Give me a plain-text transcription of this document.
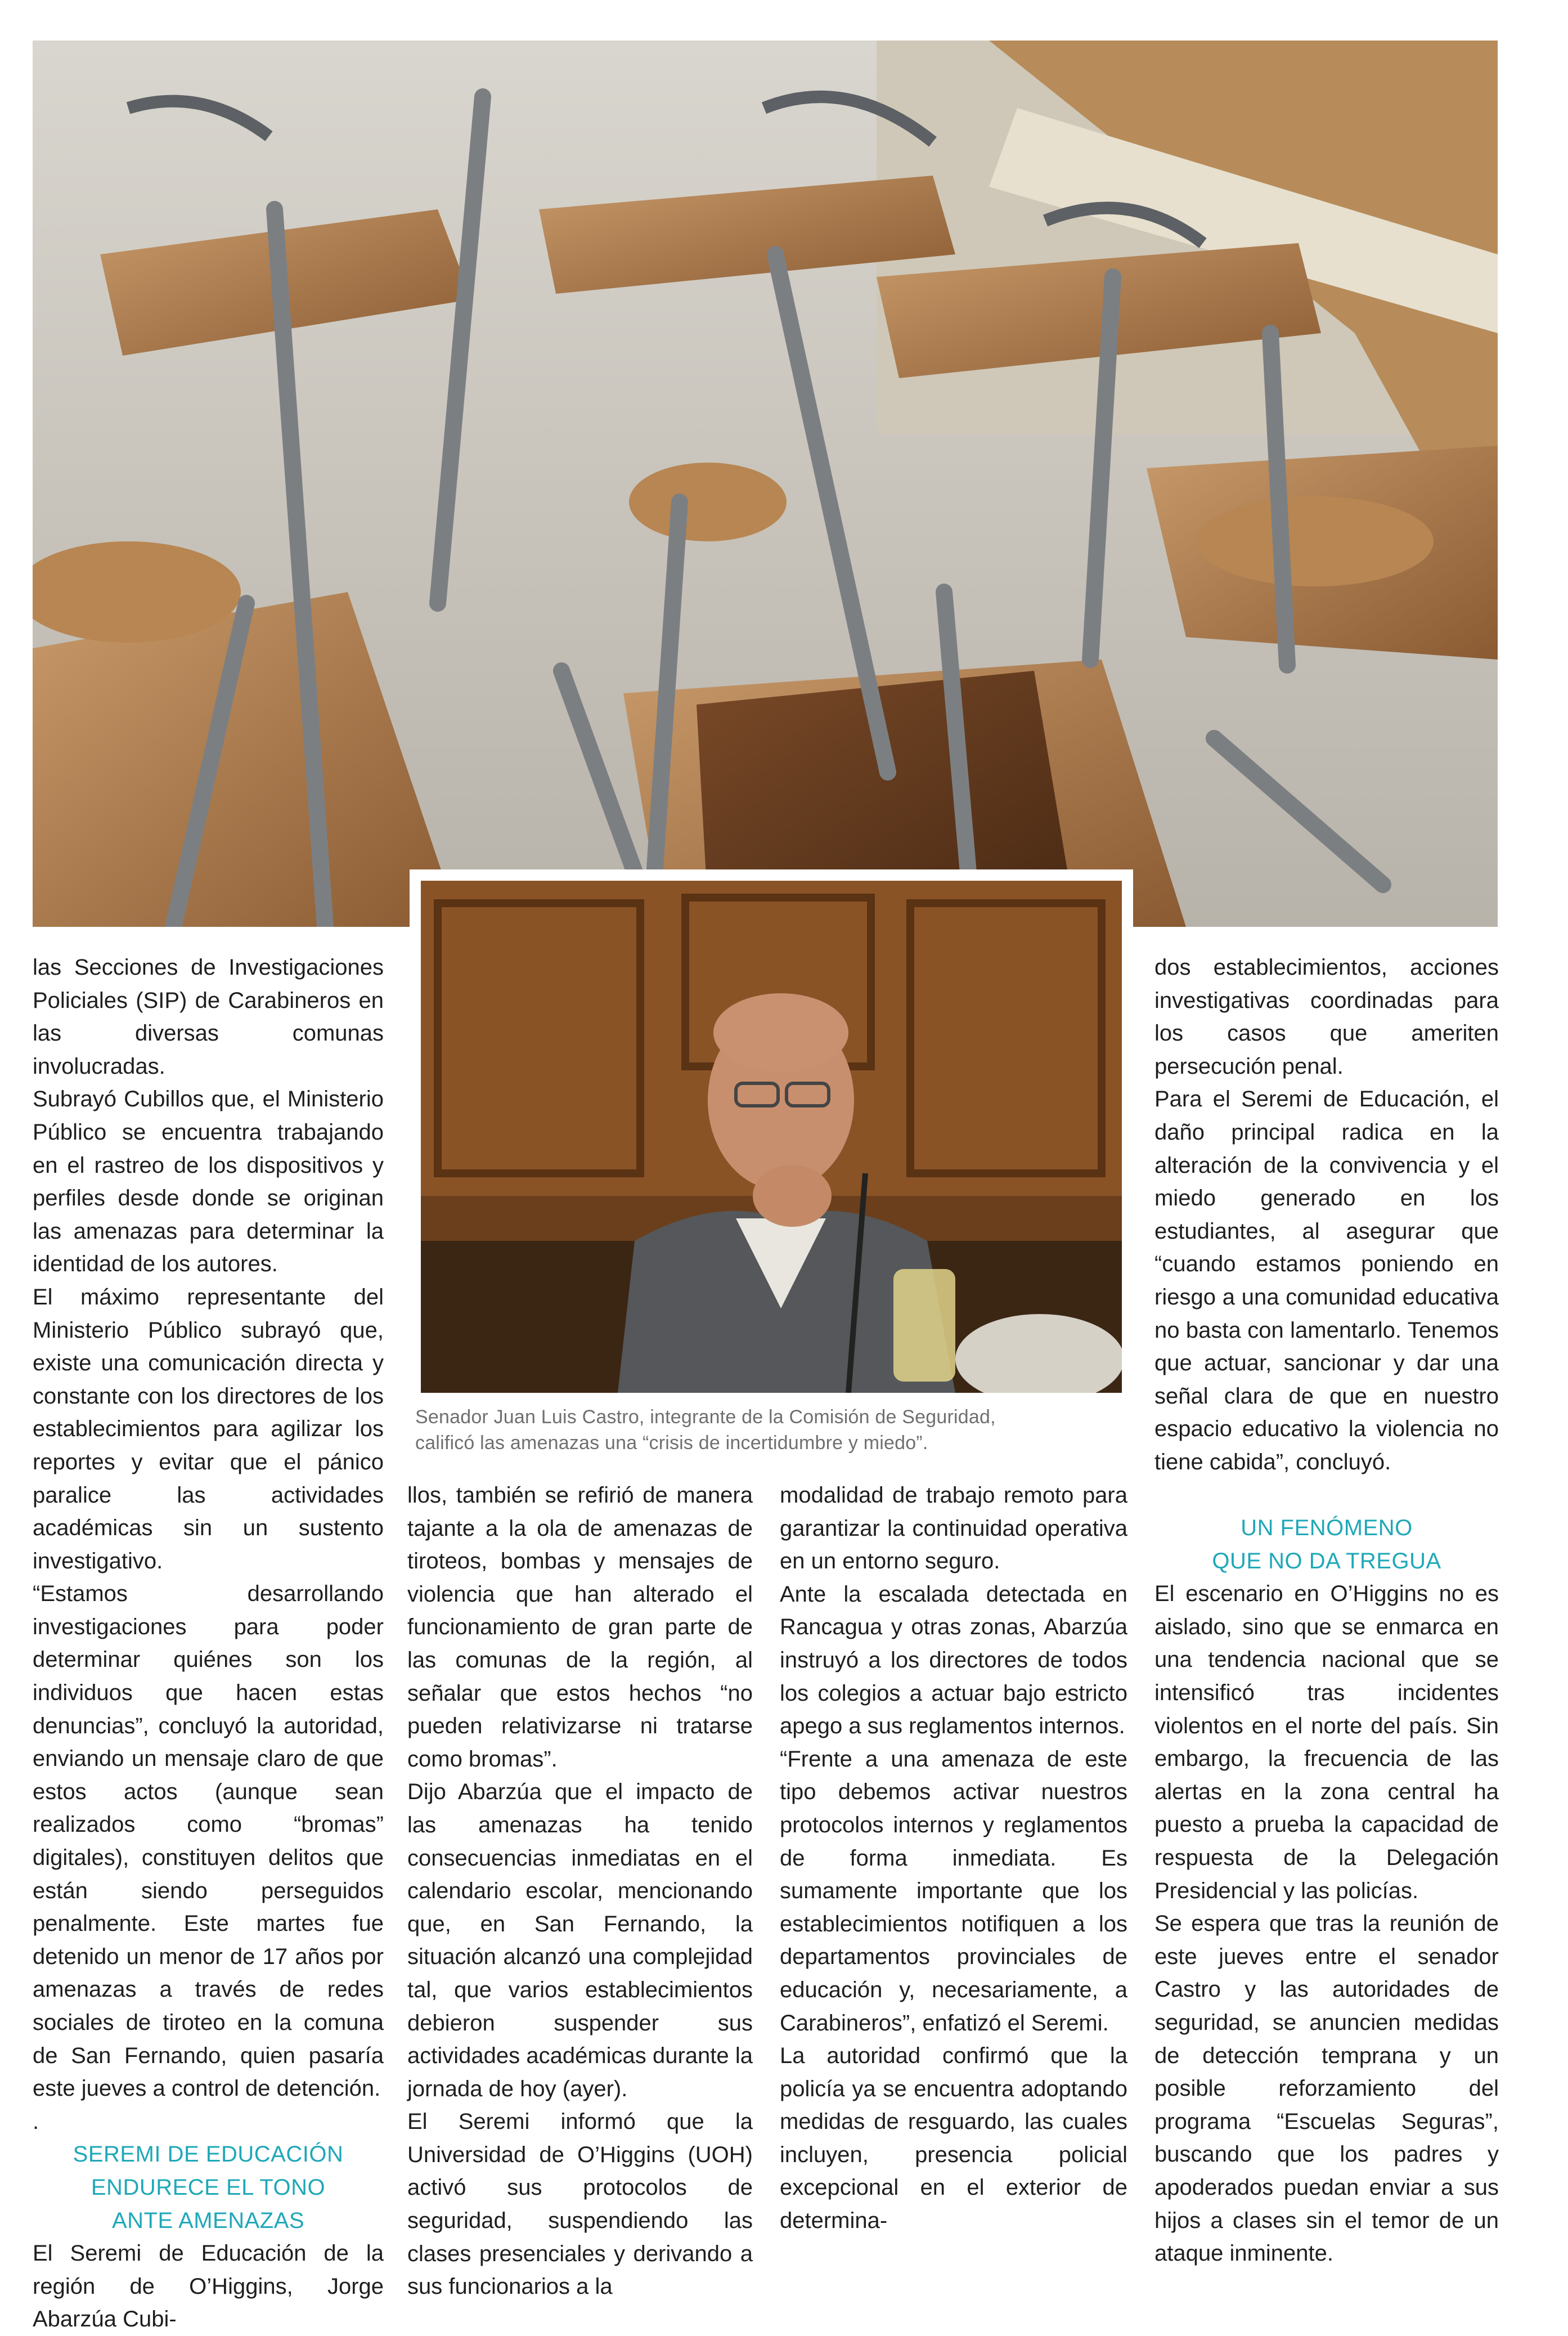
Senador Juan Luis Castro, integrante de la Comisión de Seguridad,
calificó las amenazas una “crisis de incertidumbre y miedo”.

las Secciones de Investigaciones Policiales (SIP) de Carabineros en las diversas comunas involucradas.

Subrayó Cubillos que, el Ministerio Público se encuentra trabajando en el rastreo de los dispositivos y perfiles desde donde se originan las amenazas para determinar la identidad de los autores.

El máximo representante del Ministerio Público subrayó que, existe una comunicación directa y constante con los directores de los establecimientos para agilizar los reportes y evitar que el pánico paralice las actividades académicas sin un sustento investigativo.

“Estamos desarrollando investigaciones para poder determinar quiénes son los individuos que hacen estas denuncias”, concluyó la autoridad, enviando un mensaje claro de que estos actos (aunque sean realizados como “bromas” digitales), constituyen delitos que están siendo perseguidos penalmente. Este martes fue detenido un menor de 17 años por amenazas a través de redes sociales de tiroteo en la comuna de San Fernando, quien pasaría este jueves a control de detención.

.

SEREMI DE EDUCACIÓN
ENDURECE EL TONO
ANTE AMENAZAS

El Seremi de Educación de la región de O’Higgins, Jorge Abarzúa Cubi-

llos, también se refirió de manera tajante a la ola de amenazas de tiroteos, bombas y mensajes de violencia que han alterado el funcionamiento de gran parte de las comunas de la región, al señalar que estos hechos “no pueden relativizarse ni tratarse como bromas”.

Dijo Abarzúa que el impacto de las amenazas ha tenido consecuencias inmediatas en el calendario escolar, mencionando que, en San Fernando, la situación alcanzó una complejidad tal, que varios establecimientos debieron suspender sus actividades académicas durante la jornada de hoy (ayer).

El Seremi informó que la Universidad de O’Higgins (UOH) activó sus protocolos de seguridad, suspendiendo las clases presenciales y derivando a sus funcionarios a la

modalidad de trabajo remoto para garantizar la continuidad operativa en un entorno seguro.

Ante la escalada detectada en Rancagua y otras zonas, Abarzúa instruyó a los directores de todos los colegios a actuar bajo estricto apego a sus reglamentos internos.

“Frente a una amenaza de este tipo debemos activar nuestros protocolos internos y reglamentos de forma inmediata. Es sumamente importante que los establecimientos notifiquen a los departamentos provinciales de educación y, necesariamente, a Carabineros”, enfatizó el Seremi.

La autoridad confirmó que la policía ya se encuentra adoptando medidas de resguardo, las cuales incluyen, presencia policial excepcional en el exterior de determina-

dos establecimientos, acciones investigativas coordinadas para los casos que ameriten persecución penal.

Para el Seremi de Educación, el daño principal radica en la alteración de la convivencia y el miedo generado en los estudiantes, al asegurar que “cuando estamos poniendo en riesgo a una comunidad educativa no basta con lamentarlo. Tenemos que actuar, sancionar y dar una señal clara de que en nuestro espacio educativo la violencia no tiene cabida”, concluyó.

UN FENÓMENO
QUE NO DA TREGUA

El escenario en O’Higgins no es aislado, sino que se enmarca en una tendencia nacional que se intensificó tras incidentes violentos en el norte del país. Sin embargo, la frecuencia de las alertas en la zona central ha puesto a prueba la capacidad de respuesta de la Delegación Presidencial y las policías.

Se espera que tras la reunión de este jueves entre el senador Castro y las autoridades de seguridad, se anuncien medidas de detección temprana y un posible reforzamiento del programa “Escuelas Seguras”, buscando que los padres y apoderados puedan enviar a sus hijos a clases sin el temor de un ataque inminente.
